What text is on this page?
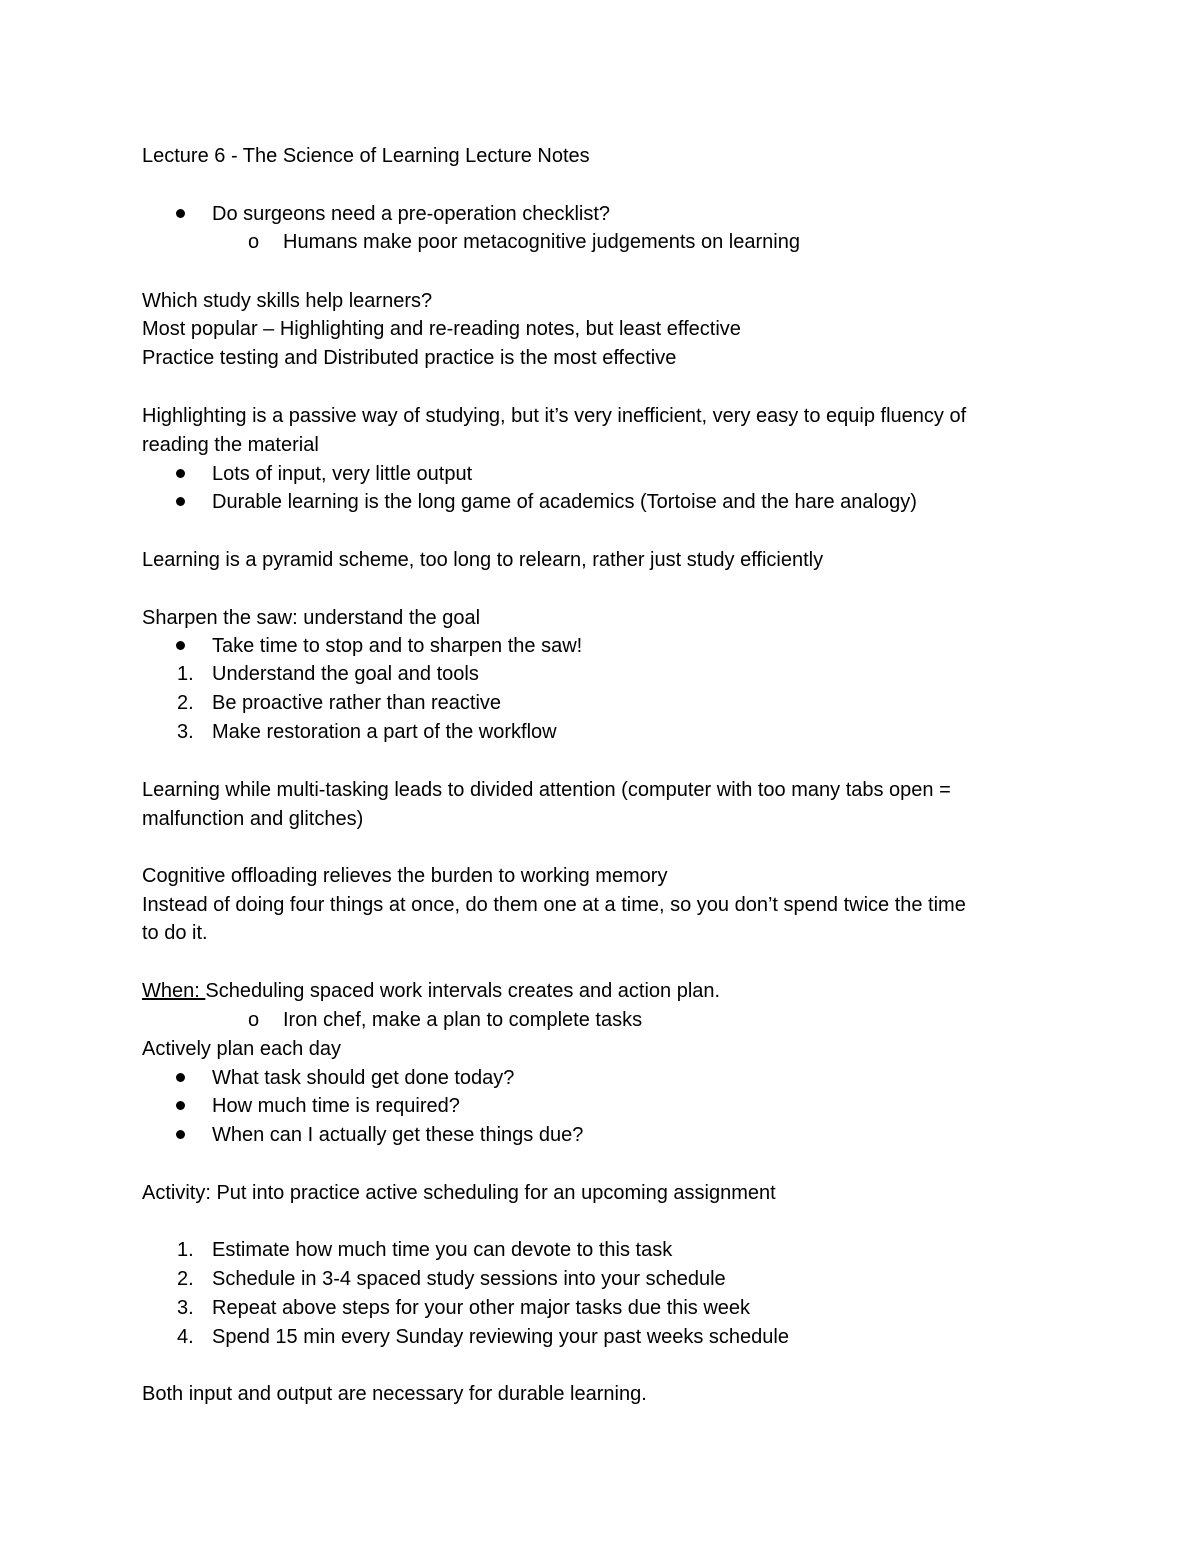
Lecture 6 - The Science of Learning Lecture Notes
Do surgeons need a pre-operation checklist?
o Humans make poor metacognitive judgements on learning
Which study skills help learners?
Most popular – Highlighting and re-reading notes, but least effective
Practice testing and Distributed practice is the most effective
Highlighting is a passive way of studying, but it’s very inefficient, very easy to equip fluency of
reading the material
Lots of input, very little output
Durable learning is the long game of academics (Tortoise and the hare analogy)
Learning is a pyramid scheme, too long to relearn, rather just study efficiently
Sharpen the saw: understand the goal
Take time to stop and to sharpen the saw!
1. Understand the goal and tools
2. Be proactive rather than reactive
3. Make restoration a part of the workflow
Learning while multi-tasking leads to divided attention (computer with too many tabs open =
malfunction and glitches)
Cognitive offloading relieves the burden to working memory
Instead of doing four things at once, do them one at a time, so you don’t spend twice the time
to do it.
When: Scheduling spaced work intervals creates and action plan.
o Iron chef, make a plan to complete tasks
Actively plan each day
What task should get done today?
How much time is required?
When can I actually get these things due?
Activity: Put into practice active scheduling for an upcoming assignment
1. Estimate how much time you can devote to this task
2. Schedule in 3-4 spaced study sessions into your schedule
3. Repeat above steps for your other major tasks due this week
4. Spend 15 min every Sunday reviewing your past weeks schedule
Both input and output are necessary for durable learning.
